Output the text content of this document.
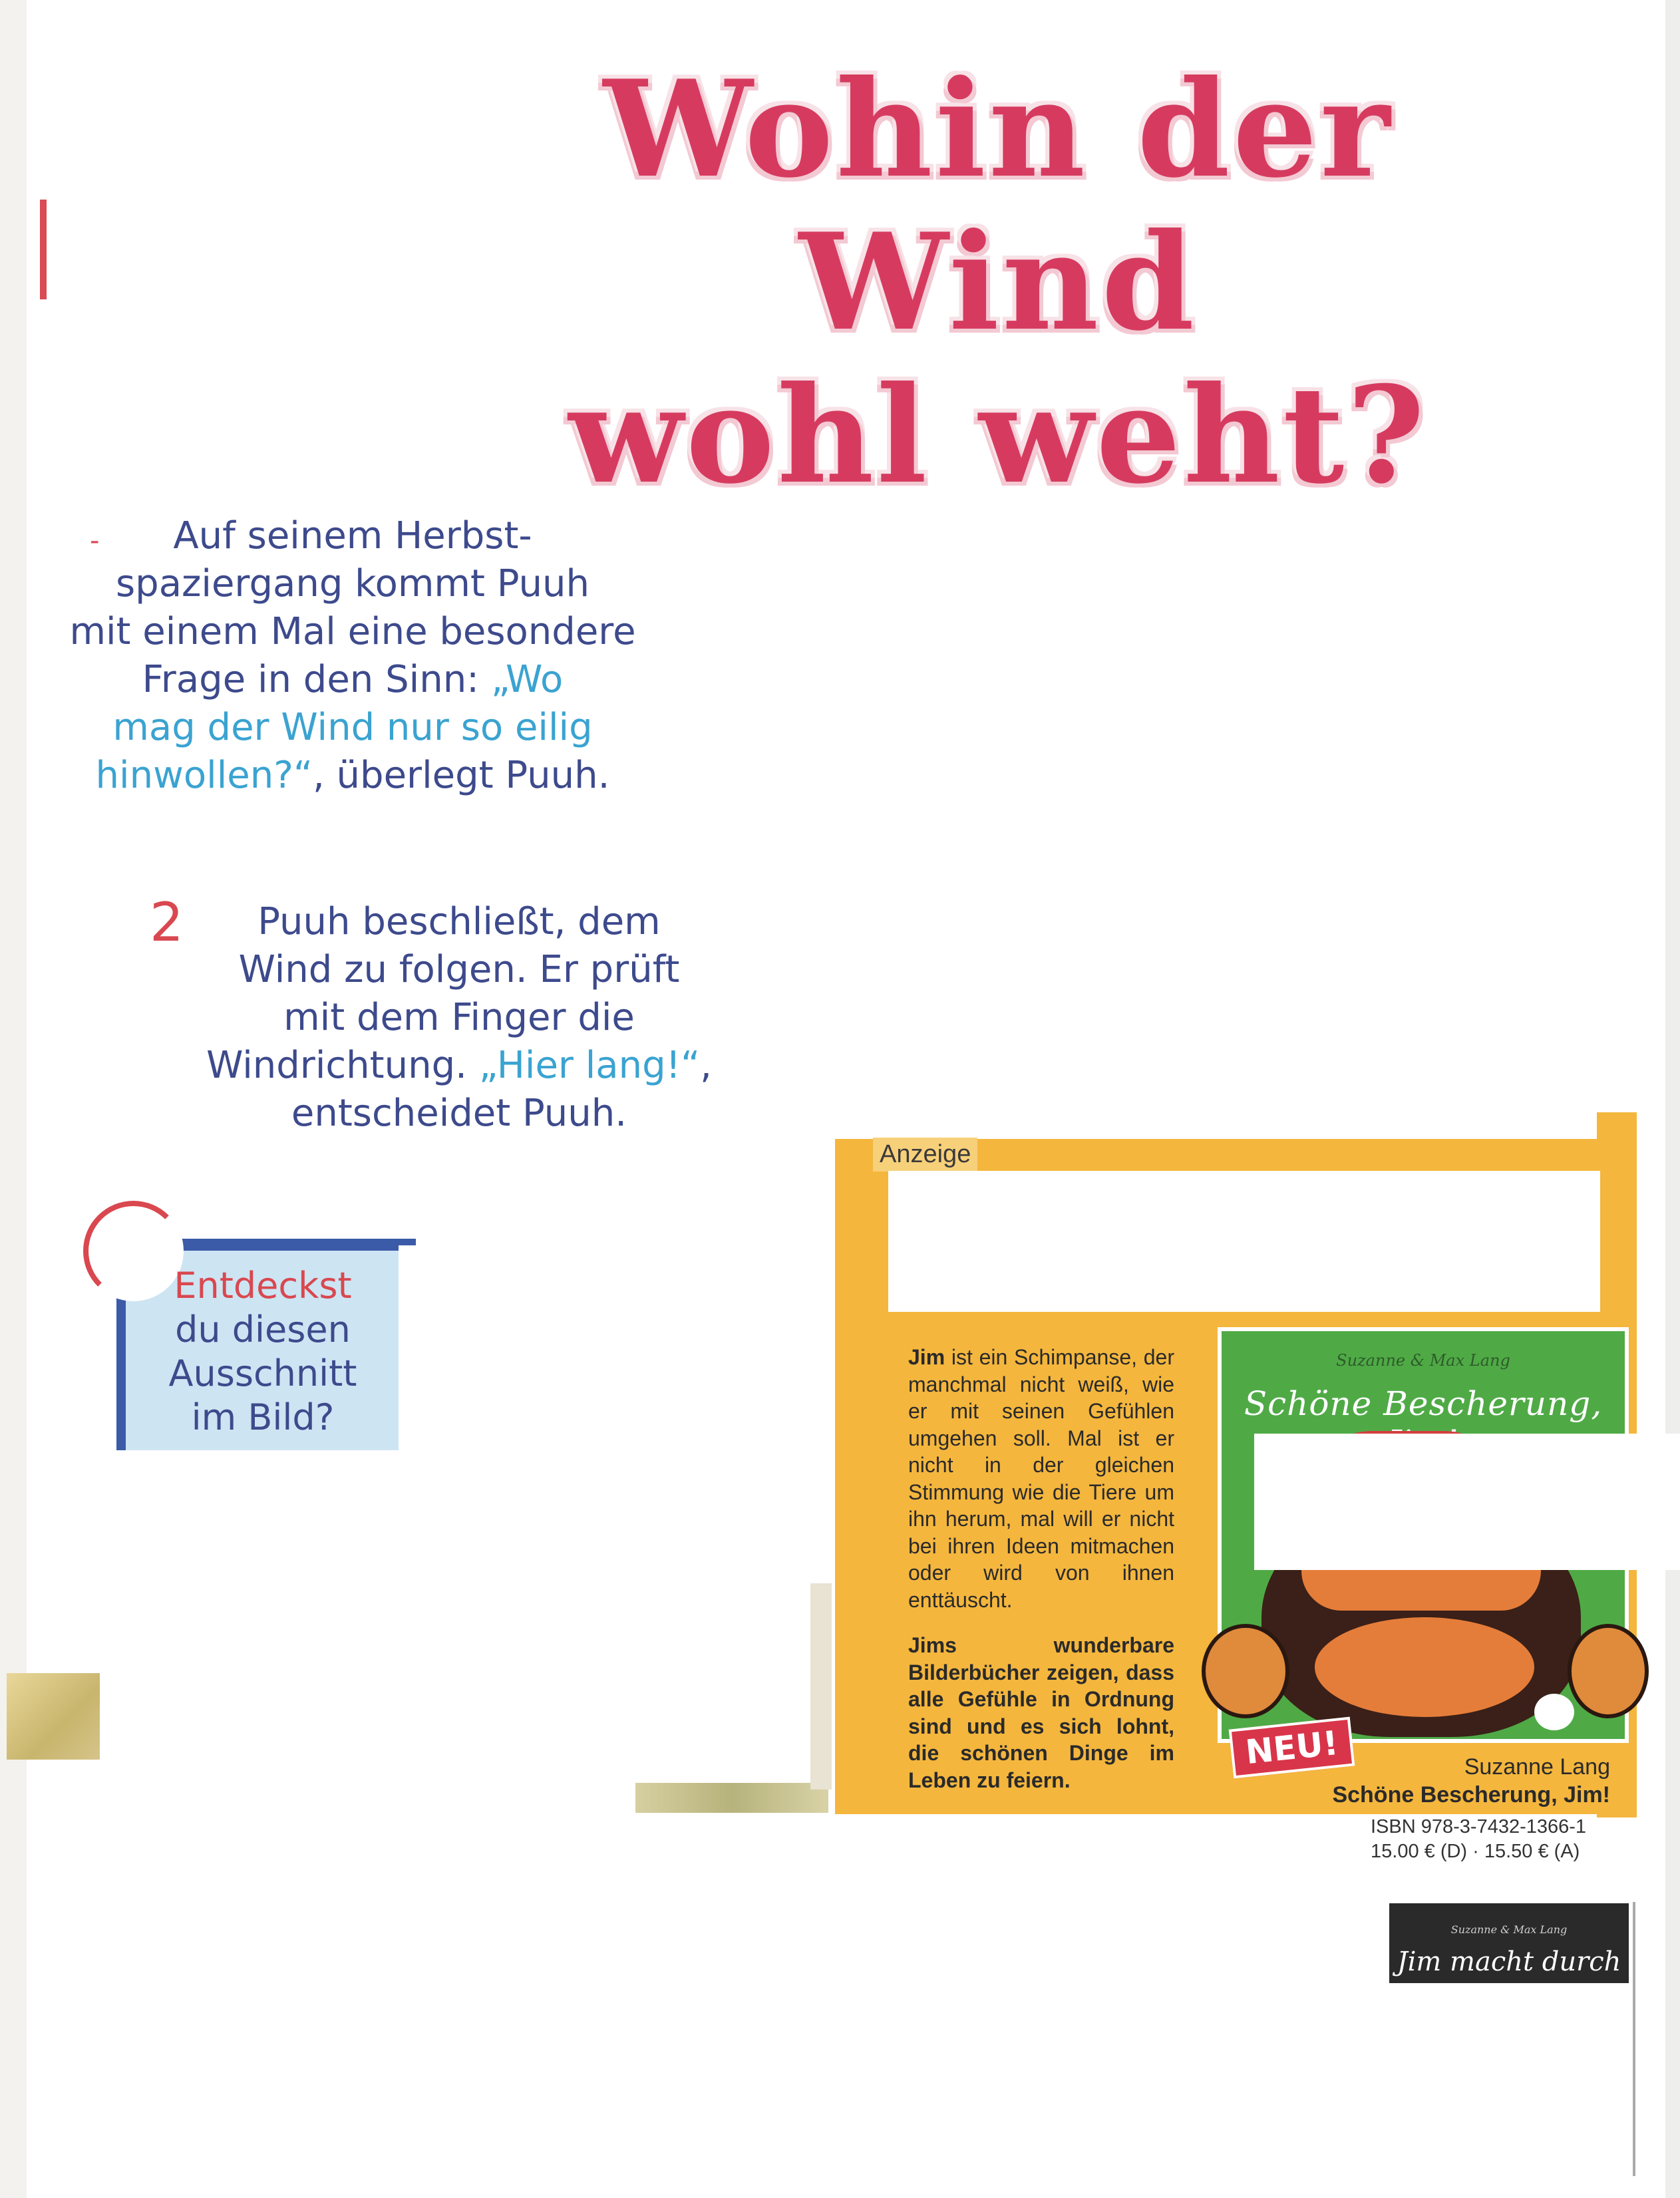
Wohin der Wind
wohl weht?
-	Auf seinem Herbst-
spaziergang kommt Puuh
mit einem Mal eine besondere
Frage in den Sinn: „Wo
mag der Wind nur so eilig
hinwollen?“, überlegt Puuh.
2	Puuh beschließt, dem
Wind zu folgen. Er prüft
mit dem Finger die
Windrichtung. „Hier lang!“,
entscheidet Puuh.
Entdeckst
du diesen
Ausschnitt
im Bild?
Anzeige

Jim ist ein Schimpanse, der manchmal nicht weiß, wie er mit seinen Gefühlen umgehen soll. Mal ist er nicht in der gleichen Stimmung wie die Tiere um ihn herum, mal will er nicht bei ihren Ideen mitmachen oder wird von ihnen enttäuscht.

Jims wunderbare Bilderbücher zeigen, dass alle Gefühle in Ordnung sind und es sich lohnt, die schönen Dinge im Leben zu feiern.

Suzanne & Max Lang
Schöne Bescherung,
NEU!	Suzanne Lang
Schöne Bescherung, Jim!
ISBN 978-3-7432-1366-1
15.00 € (D) · 15.50 € (A)
Suzanne & Max Lang
Jim macht durch
